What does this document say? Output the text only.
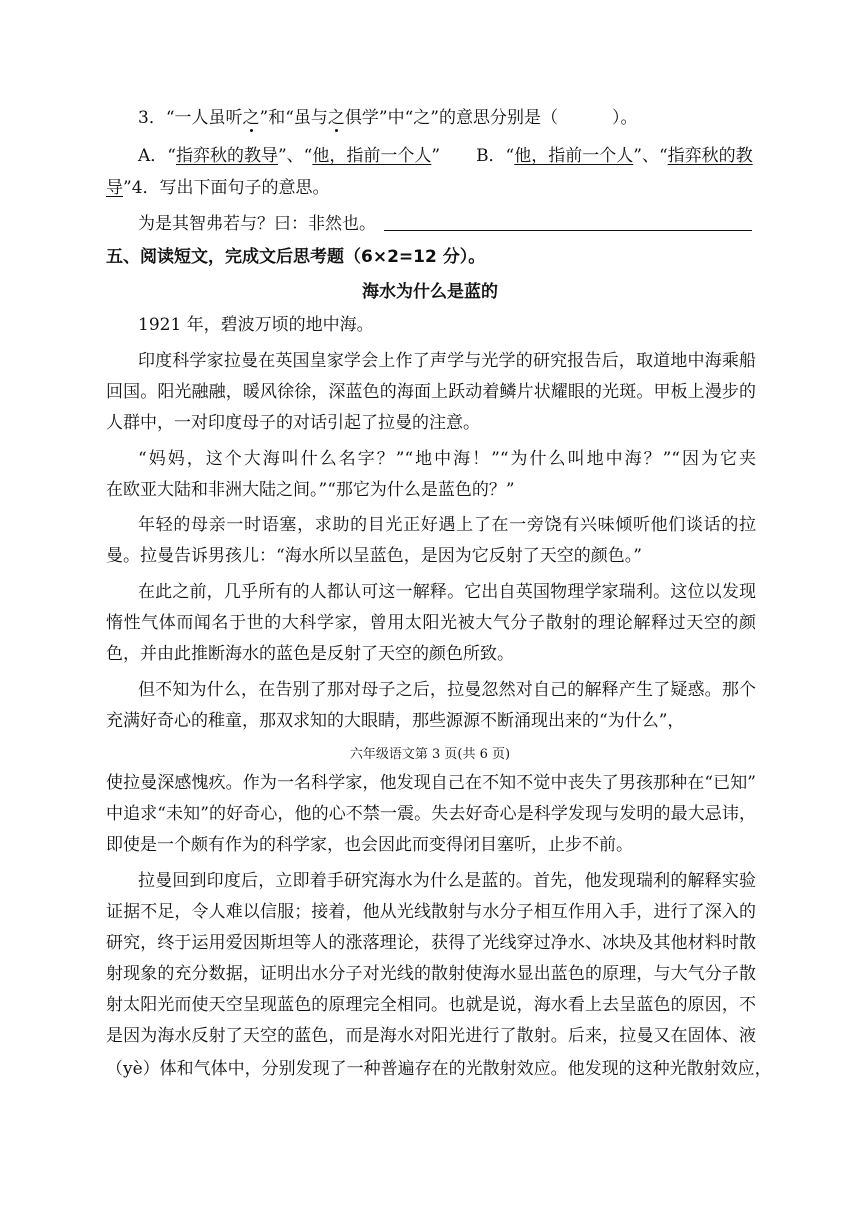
3．“一人虽听之”和“虽与之俱学”中“之”的意思分别是（	）。
A．“指弈秋的教导”、“他，指前一个人” B．“他，指前一个人”、“指弈秋的教
导”4．写出下面句子的意思。
为是其智弗若与？曰：非然也。
五、阅读短文，完成文后思考题（6×2=12 分）。
海水为什么是蓝的
1921 年，碧波万顷的地中海。
印度科学家拉曼在英国皇家学会上作了声学与光学的研究报告后，取道地中海乘船
回国。阳光融融，暖风徐徐，深蓝色的海面上跃动着鳞片状耀眼的光斑。甲板上漫步的
人群中，一对印度母子的对话引起了拉曼的注意。
“妈妈，这个大海叫什么名字？”“地中海！”“为什么叫地中海？”“因为它夹
在欧亚大陆和非洲大陆之间。”“那它为什么是蓝色的？”
年轻的母亲一时语塞，求助的目光正好遇上了在一旁饶有兴味倾听他们谈话的拉
曼。拉曼告诉男孩儿：“海水所以呈蓝色，是因为它反射了天空的颜色。”
在此之前，几乎所有的人都认可这一解释。它出自英国物理学家瑞利。这位以发现
惰性气体而闻名于世的大科学家，曾用太阳光被大气分子散射的理论解释过天空的颜
色，并由此推断海水的蓝色是反射了天空的颜色所致。
但不知为什么，在告别了那对母子之后，拉曼忽然对自己的解释产生了疑惑。那个
充满好奇心的稚童，那双求知的大眼睛，那些源源不断涌现出来的“为什么”，
六年级语文第 3 页(共 6 页)
使拉曼深感愧疚。作为一名科学家，他发现自己在不知不觉中丧失了男孩那种在“已知”
中追求“未知”的好奇心，他的心不禁一震。失去好奇心是科学发现与发明的最大忌讳，
即使是一个颇有作为的科学家，也会因此而变得闭目塞听，止步不前。
拉曼回到印度后，立即着手研究海水为什么是蓝的。首先，他发现瑞利的解释实验
证据不足，令人难以信服；接着，他从光线散射与水分子相互作用入手，进行了深入的
研究，终于运用爱因斯坦等人的涨落理论，获得了光线穿过净水、冰块及其他材料时散
射现象的充分数据，证明出水分子对光线的散射使海水显出蓝色的原理，与大气分子散
射太阳光而使天空呈现蓝色的原理完全相同。也就是说，海水看上去呈蓝色的原因，不
是因为海水反射了天空的蓝色，而是海水对阳光进行了散射。后来，拉曼又在固体、液
（yè）体和气体中，分别发现了一种普遍存在的光散射效应。他发现的这种光散射效应，
